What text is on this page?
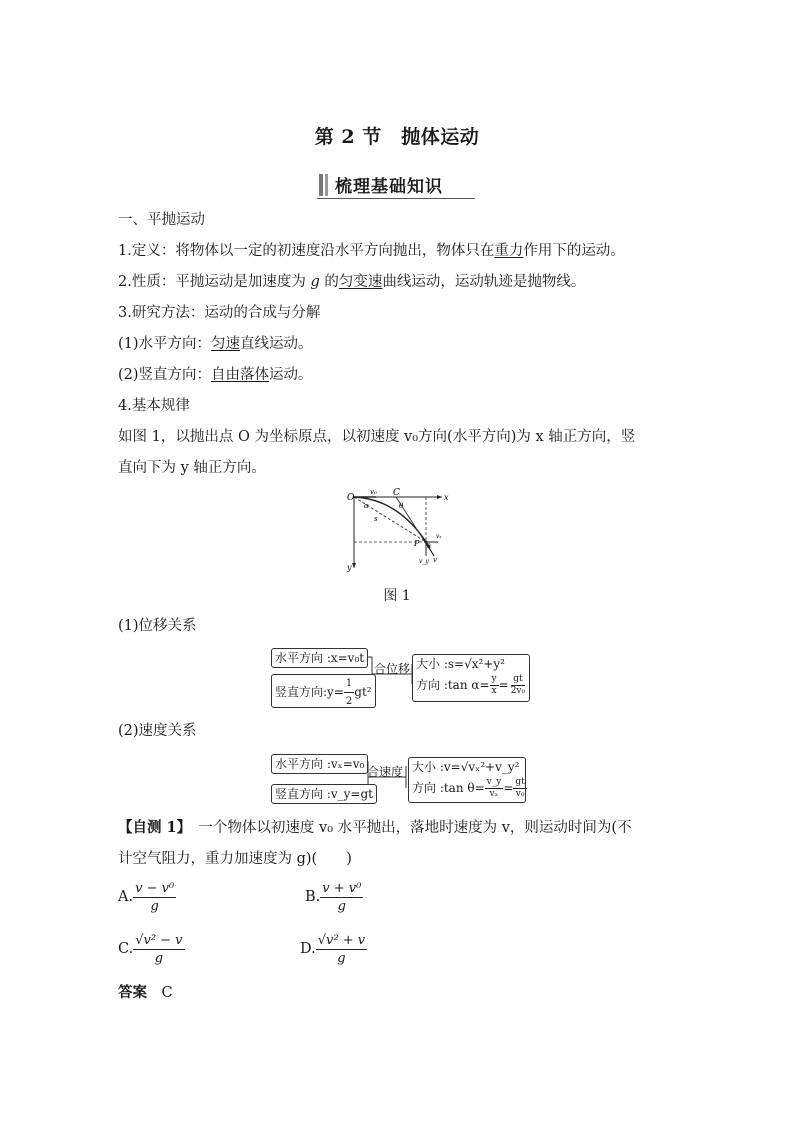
第 2 节　抛体运动
梳理基础知识
一、平抛运动
1.定义：将物体以一定的初速度沿水平方向抛出，物体只在重力作用下的运动。
2.性质：平抛运动是加速度为 g 的匀变速曲线运动，运动轨迹是抛物线。
3.研究方法：运动的合成与分解
(1)水平方向：匀速直线运动。
(2)竖直方向：自由落体运动。
4.基本规律
如图 1，以抛出点 O 为坐标原点，以初速度 v₀方向(水平方向)为 x 轴正方向，竖
直向下为 y 轴正方向。
O
v₀ C
θ
x
α
s
P θ
vₓ
v_y v
y
图 1
(1)位移关系
水平方向 :x=v₀t
竖直方向:y= $\frac{1}{2} gt^2$
合位移 大小 :s=√x²+y²
方向 :tan $\alpha= \frac{y}{x} = \frac{gt}{\text{2v₀}}$
(2)速度关系
水平方向 :vₓ=v₀
竖直方向 :v_y=gt
合速度 大小 :v=√vₓ²+v_y²
方向 :tan $\theta= \frac{v\_y}{\text{vₓ}} = \frac{gt}{\text{v₀}}$
【自测 1】　一个物体以初速度 v₀ 水平抛出，落地时速度为 v，则运动时间为(不
计空气阻力，重力加速度为 g)(　　)
A. $\frac{\text{v − v⁰}}{g}$	B. $\frac{\text{v + v⁰}}{g}$
C. $\frac{\text{√v² − v}}{g}$	D. $\frac{\text{√v² + v}}{g}$
答案　 C
